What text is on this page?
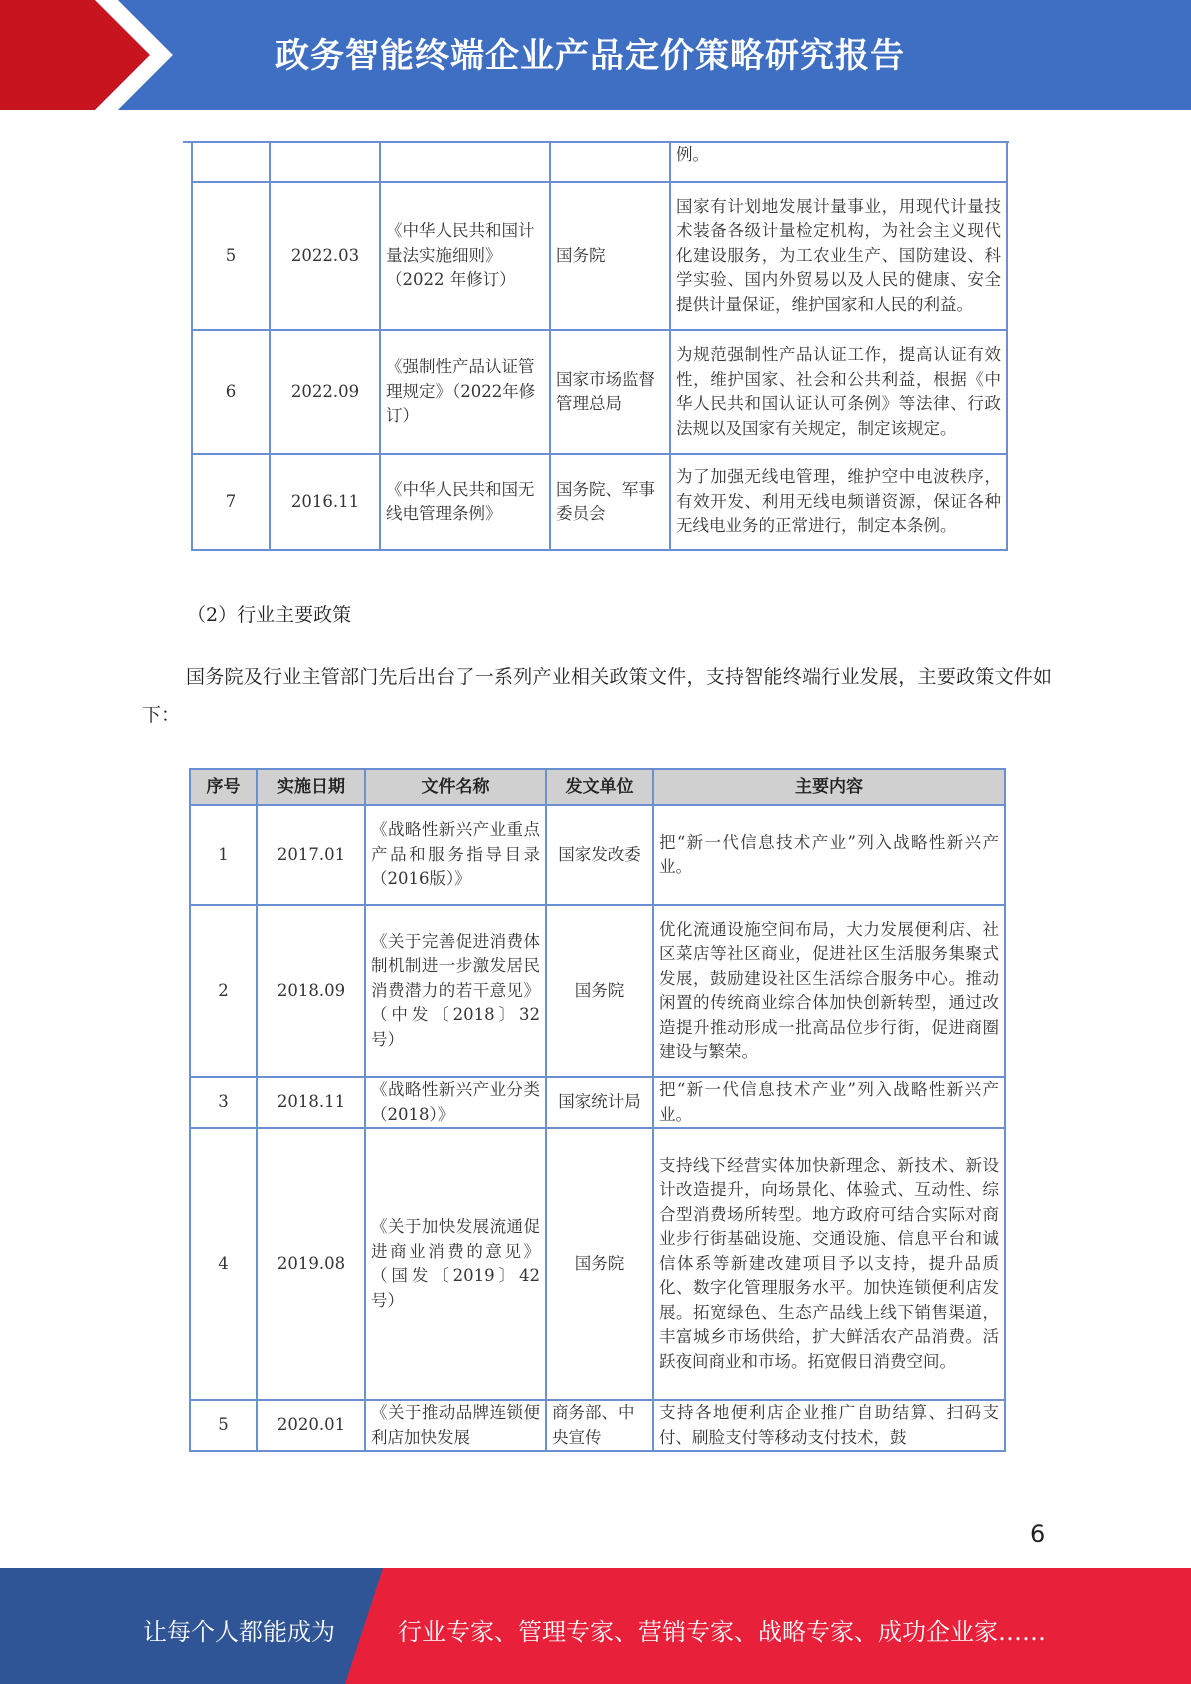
政务智能终端企业产品定价策略研究报告
				例。
5	2022.03	《中华人民共和国计量法实施细则》（2022 年修订）	国务院	国家有计划地发展计量事业，用现代计量技术装备各级计量检定机构，为社会主义现代化建设服务，为工农业生产、国防建设、科学实验、国内外贸易以及人民的健康、安全提供计量保证，维护国家和人民的利益。
6	2022.09	《强制性产品认证管理规定》（2022年修订）	国家市场监督管理总局	为规范强制性产品认证工作，提高认证有效性，维护国家、社会和公共利益，根据《中华人民共和国认证认可条例》等法律、行政法规以及国家有关规定，制定该规定。
7	2016.11	《中华人民共和国无线电管理条例》	国务院、军事委员会	为了加强无线电管理，维护空中电波秩序，有效开发、利用无线电频谱资源，保证各种无线电业务的正常进行，制定本条例。
（2）行业主要政策
国务院及行业主管部门先后出台了一系列产业相关政策文件，支持智能终端行业发展，主要政策文件如下：
序号	实施日期	文件名称	发文单位	主要内容
1	2017.01	《战略性新兴产业重点产品和服务指导目录（2016版）》	国家发改委	把“新一代信息技术产业”列入战略性新兴产业。
2	2018.09	《关于完善促进消费体制机制进一步激发居民消费潜力的若干意见》（中发〔2018〕32 号）	国务院	优化流通设施空间布局，大力发展便利店、社区菜店等社区商业，促进社区生活服务集聚式发展，鼓励建设社区生活综合服务中心。推动闲置的传统商业综合体加快创新转型，通过改造提升推动形成一批高品位步行街，促进商圈建设与繁荣。
3	2018.11	《战略性新兴产业分类（2018）》	国家统计局	把“新一代信息技术产业”列入战略性新兴产业。
4	2019.08	《关于加快发展流通促进商业消费的意见》（国发〔2019〕42 号）	国务院	支持线下经营实体加快新理念、新技术、新设计改造提升，向场景化、体验式、互动性、综合型消费场所转型。地方政府可结合实际对商业步行街基础设施、交通设施、信息平台和诚信体系等新建改建项目予以支持，提升品质化、数字化管理服务水平。加快连锁便利店发展。拓宽绿色、生态产品线上线下销售渠道，丰富城乡市场供给，扩大鲜活农产品消费。活跃夜间商业和市场。拓宽假日消费空间。
5	2020.01	《关于推动品牌连锁便利店加快发展	商务部、中央宣传	支持各地便利店企业推广自助结算、扫码支付、刷脸支付等移动支付技术，鼓
6
让每个人都能成为	行业专家、管理专家、营销专家、战略专家、成功企业家……
